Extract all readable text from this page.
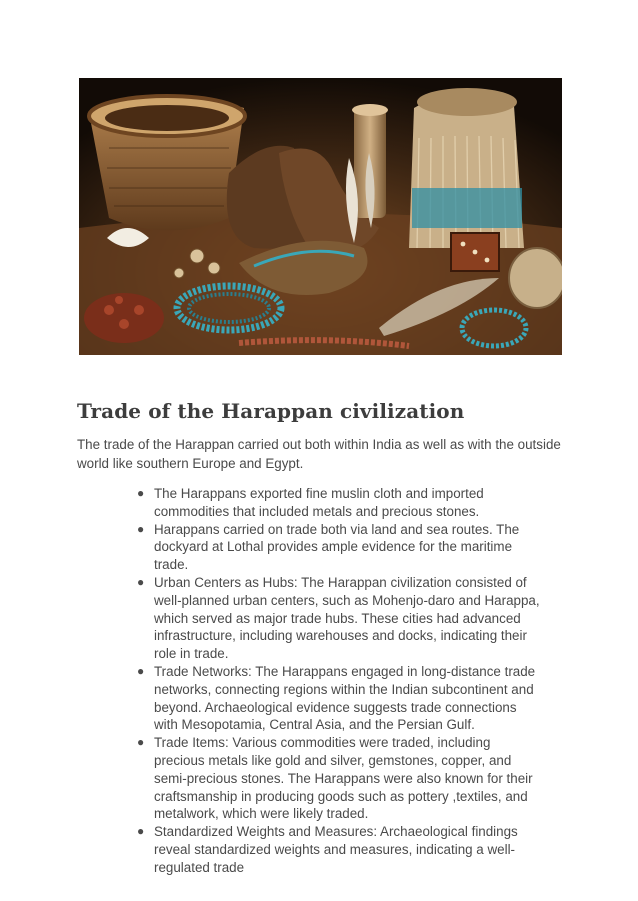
Trade of the Harappan civilization

The trade of the Harappan carried out both within India as well as with the outside world like southern Europe and Egypt.

● The Harappans exported fine muslin cloth and imported commodities that included metals and precious stones.
● Harappans carried on trade both via land and sea routes. The dockyard at Lothal provides ample evidence for the maritime trade.
● Urban Centers as Hubs: The Harappan civilization consisted of well-planned urban centers, such as Mohenjo-daro and Harappa, which served as major trade hubs. These cities had advanced infrastructure, including warehouses and docks, indicating their role in trade.
● Trade Networks: The Harappans engaged in long-distance trade networks, connecting regions within the Indian subcontinent and beyond. Archaeological evidence suggests trade connections with Mesopotamia, Central Asia, and the Persian Gulf.
● Trade Items: Various commodities were traded, including precious metals like gold and silver, gemstones, copper, and semi-precious stones. The Harappans were also known for their craftsmanship in producing goods such as pottery ,textiles, and metalwork, which were likely traded.
● Standardized Weights and Measures: Archaeological findings reveal standardized weights and measures, indicating a well-regulated trade
